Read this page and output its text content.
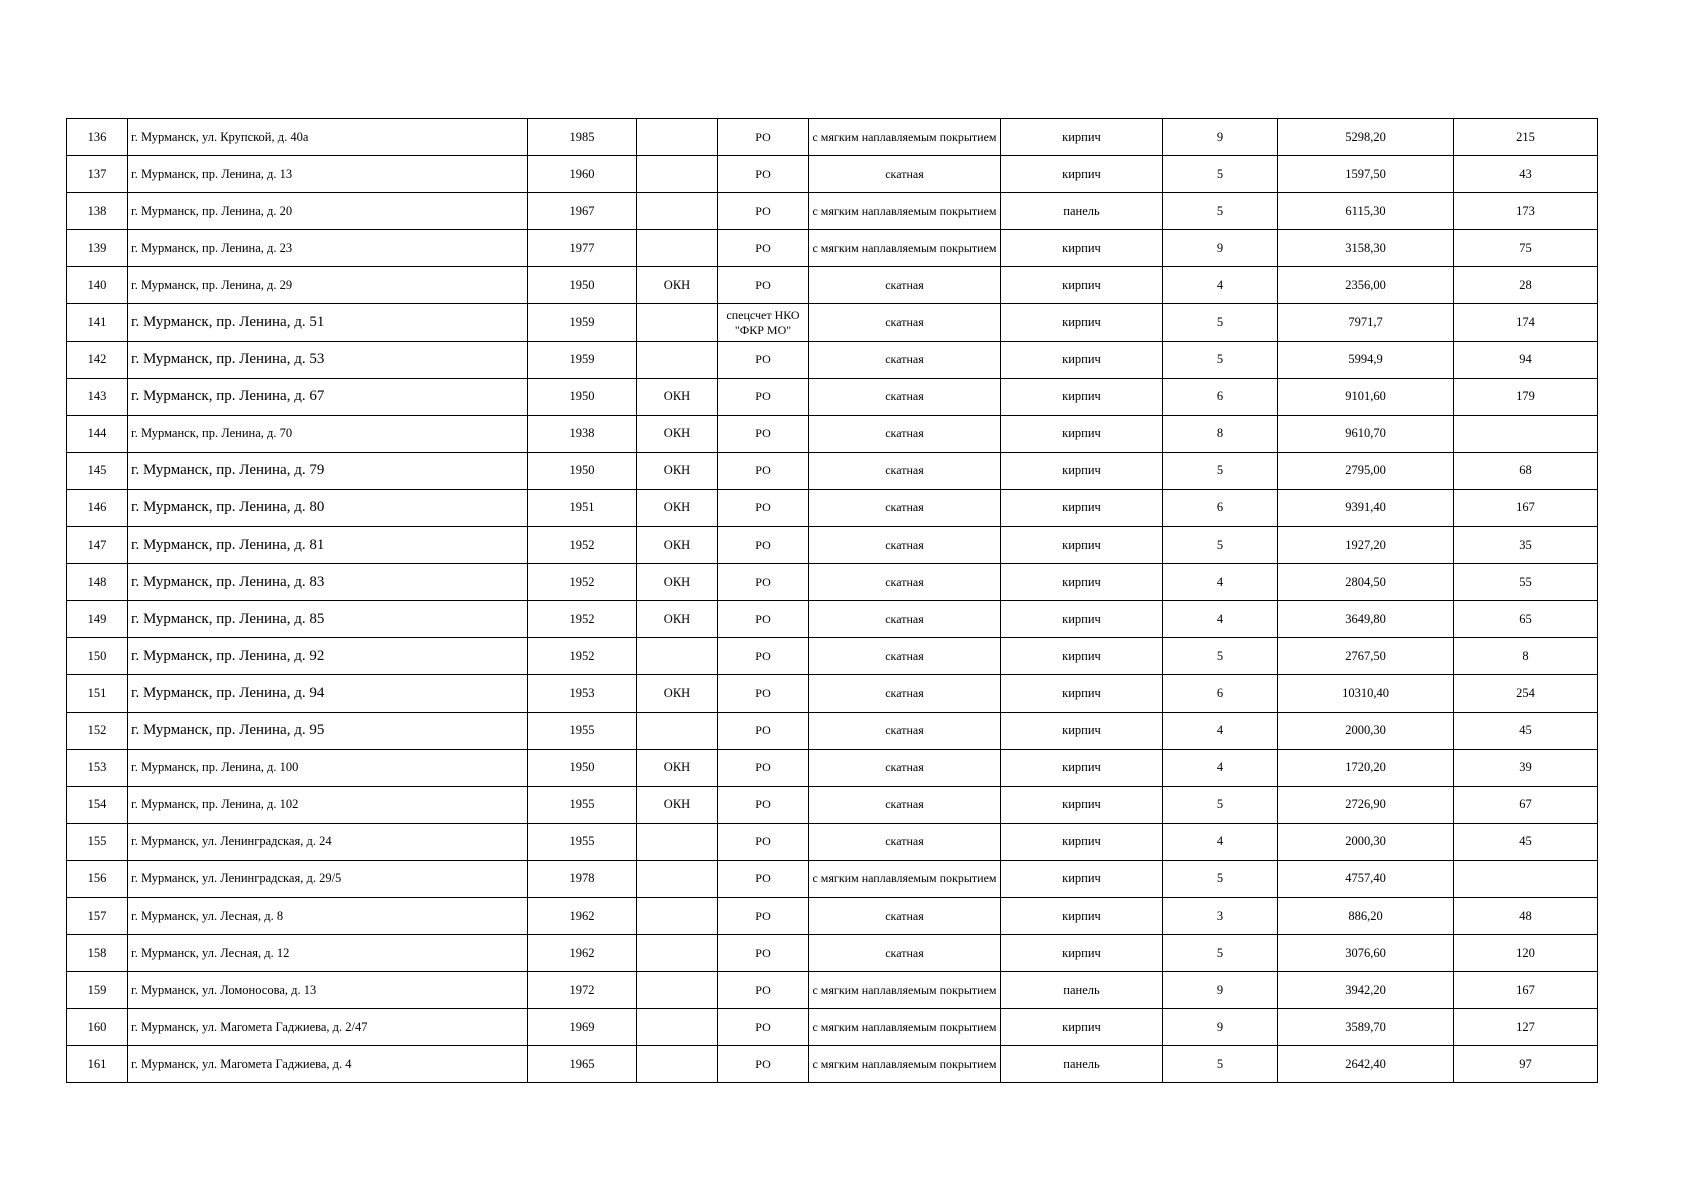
136	г. Мурманск, ул. Крупской, д. 40а	1985		РО	с мягким наплавляемым покрытием	кирпич	9	5298,20	215
137	г. Мурманск, пр. Ленина, д. 13	1960		РО	скатная	кирпич	5	1597,50	43
138	г. Мурманск, пр. Ленина, д. 20	1967		РО	с мягким наплавляемым покрытием	панель	5	6115,30	173
139	г. Мурманск, пр. Ленина, д. 23	1977		РО	с мягким наплавляемым покрытием	кирпич	9	3158,30	75
140	г. Мурманск, пр. Ленина, д. 29	1950	ОКН	РО	скатная	кирпич	4	2356,00	28
141	г. Мурманск, пр. Ленина, д. 51	1959		спецсчет НКО "ФКР МО"	скатная	кирпич	5	7971,7	174
142	г. Мурманск, пр. Ленина, д. 53	1959		РО	скатная	кирпич	5	5994,9	94
143	г. Мурманск, пр. Ленина, д. 67	1950	ОКН	РО	скатная	кирпич	6	9101,60	179
144	г. Мурманск, пр. Ленина, д. 70	1938	ОКН	РО	скатная	кирпич	8	9610,70	
145	г. Мурманск, пр. Ленина, д. 79	1950	ОКН	РО	скатная	кирпич	5	2795,00	68
146	г. Мурманск, пр. Ленина, д. 80	1951	ОКН	РО	скатная	кирпич	6	9391,40	167
147	г. Мурманск, пр. Ленина, д. 81	1952	ОКН	РО	скатная	кирпич	5	1927,20	35
148	г. Мурманск, пр. Ленина, д. 83	1952	ОКН	РО	скатная	кирпич	4	2804,50	55
149	г. Мурманск, пр. Ленина, д. 85	1952	ОКН	РО	скатная	кирпич	4	3649,80	65
150	г. Мурманск, пр. Ленина, д. 92	1952		РО	скатная	кирпич	5	2767,50	8
151	г. Мурманск, пр. Ленина, д. 94	1953	ОКН	РО	скатная	кирпич	6	10310,40	254
152	г. Мурманск, пр. Ленина, д. 95	1955		РО	скатная	кирпич	4	2000,30	45
153	г. Мурманск, пр. Ленина, д. 100	1950	ОКН	РО	скатная	кирпич	4	1720,20	39
154	г. Мурманск, пр. Ленина, д. 102	1955	ОКН	РО	скатная	кирпич	5	2726,90	67
155	г. Мурманск, ул. Ленинградская, д. 24	1955		РО	скатная	кирпич	4	2000,30	45
156	г. Мурманск, ул. Ленинградская, д. 29/5	1978		РО	с мягким наплавляемым покрытием	кирпич	5	4757,40	
157	г. Мурманск, ул. Лесная, д. 8	1962		РО	скатная	кирпич	3	886,20	48
158	г. Мурманск, ул. Лесная, д. 12	1962		РО	скатная	кирпич	5	3076,60	120
159	г. Мурманск, ул. Ломоносова, д. 13	1972		РО	с мягким наплавляемым покрытием	панель	9	3942,20	167
160	г. Мурманск, ул. Магомета Гаджиева, д. 2/47	1969		РО	с мягким наплавляемым покрытием	кирпич	9	3589,70	127
161	г. Мурманск, ул. Магомета Гаджиева, д. 4	1965		РО	с мягким наплавляемым покрытием	панель	5	2642,40	97
